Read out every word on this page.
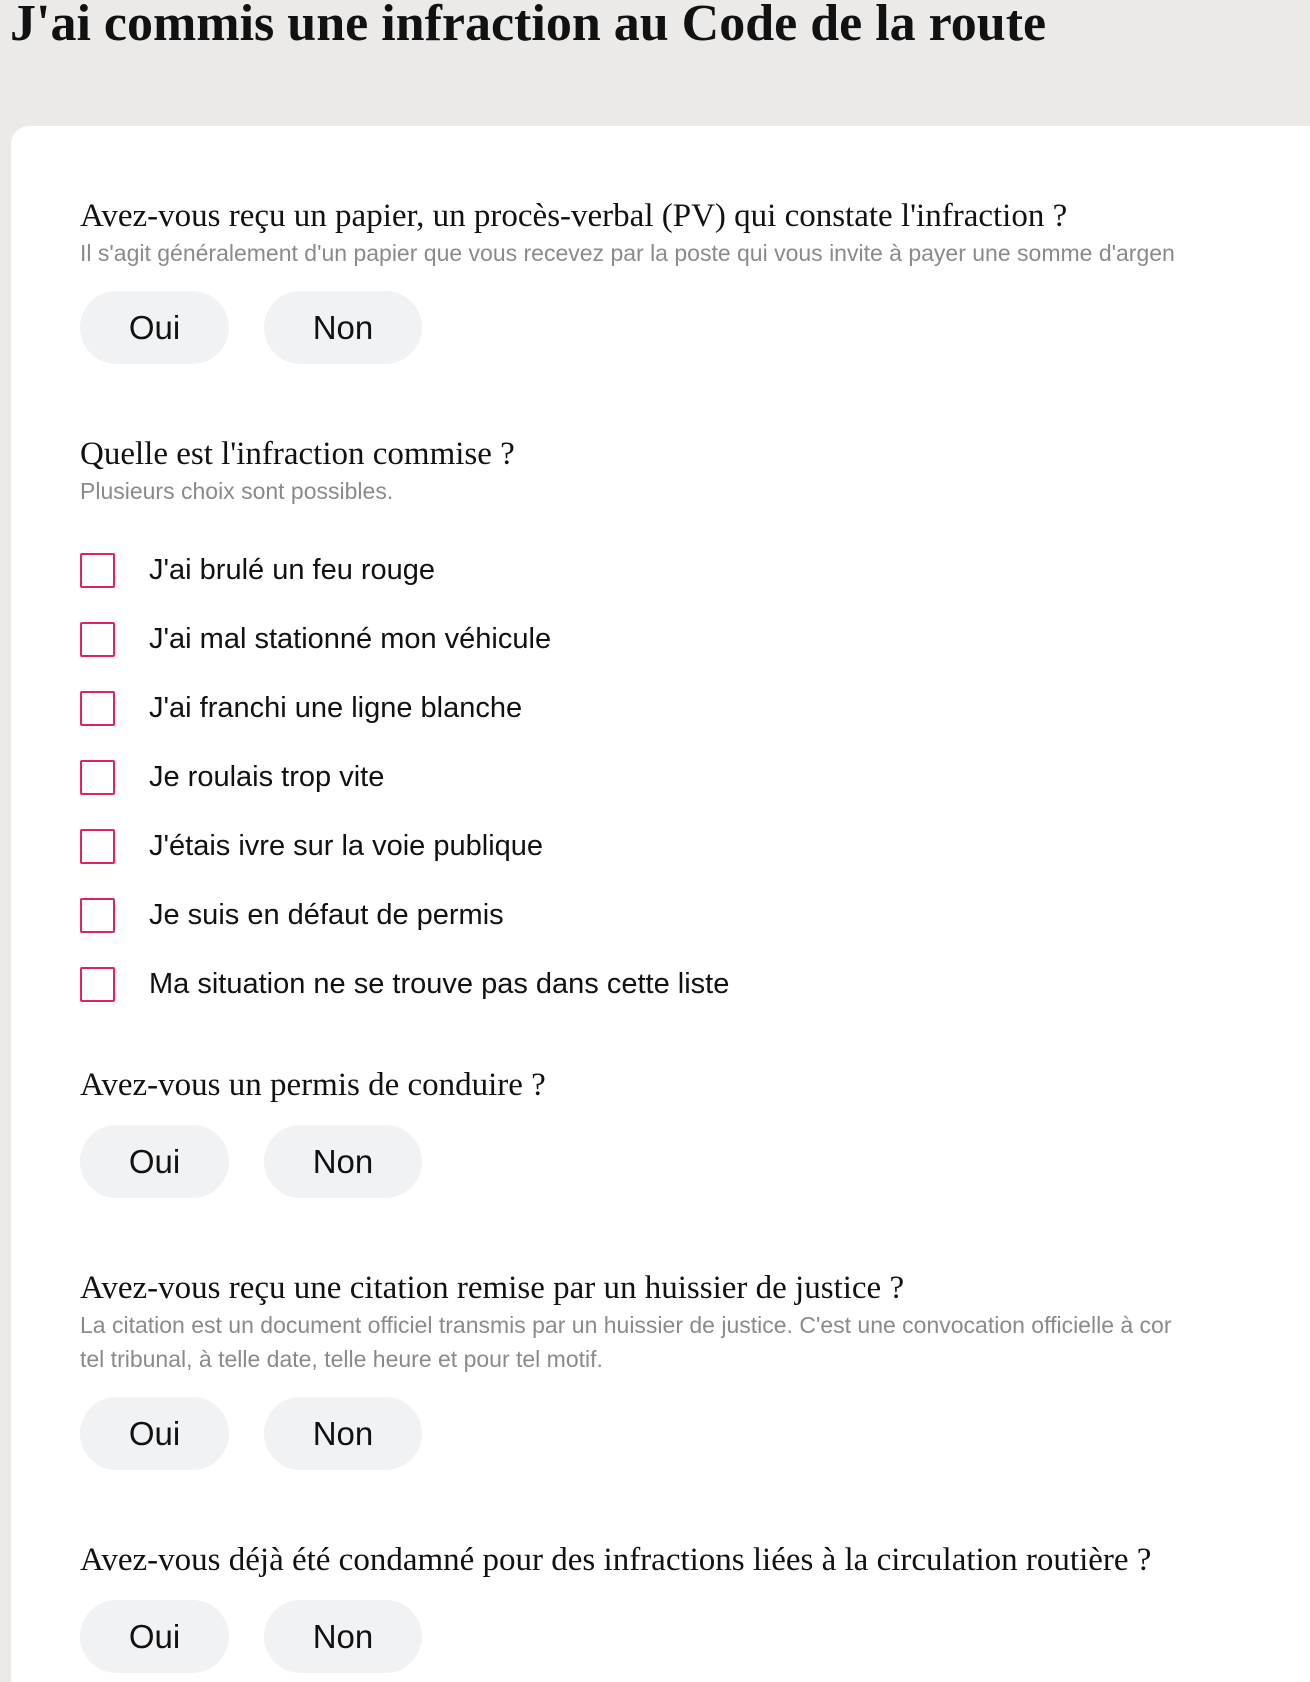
J'ai commis une infraction au Code de la route
Avez-vous reçu un papier, un procès-verbal (PV) qui constate l'infraction ?
Il s'agit généralement d'un papier que vous recevez par la poste qui vous invite à payer une somme d'argen
Oui	Non
Quelle est l'infraction commise ?
Plusieurs choix sont possibles.
J'ai brulé un feu rouge
J'ai mal stationné mon véhicule
J'ai franchi une ligne blanche
Je roulais trop vite
J'étais ivre sur la voie publique
Je suis en défaut de permis
Ma situation ne se trouve pas dans cette liste
Avez-vous un permis de conduire ?
Oui	Non
Avez-vous reçu une citation remise par un huissier de justice ?
La citation est un document officiel transmis par un huissier de justice. C'est une convocation officielle à cor
tel tribunal, à telle date, telle heure et pour tel motif.
Oui	Non
Avez-vous déjà été condamné pour des infractions liées à la circulation routière ?
Oui	Non
